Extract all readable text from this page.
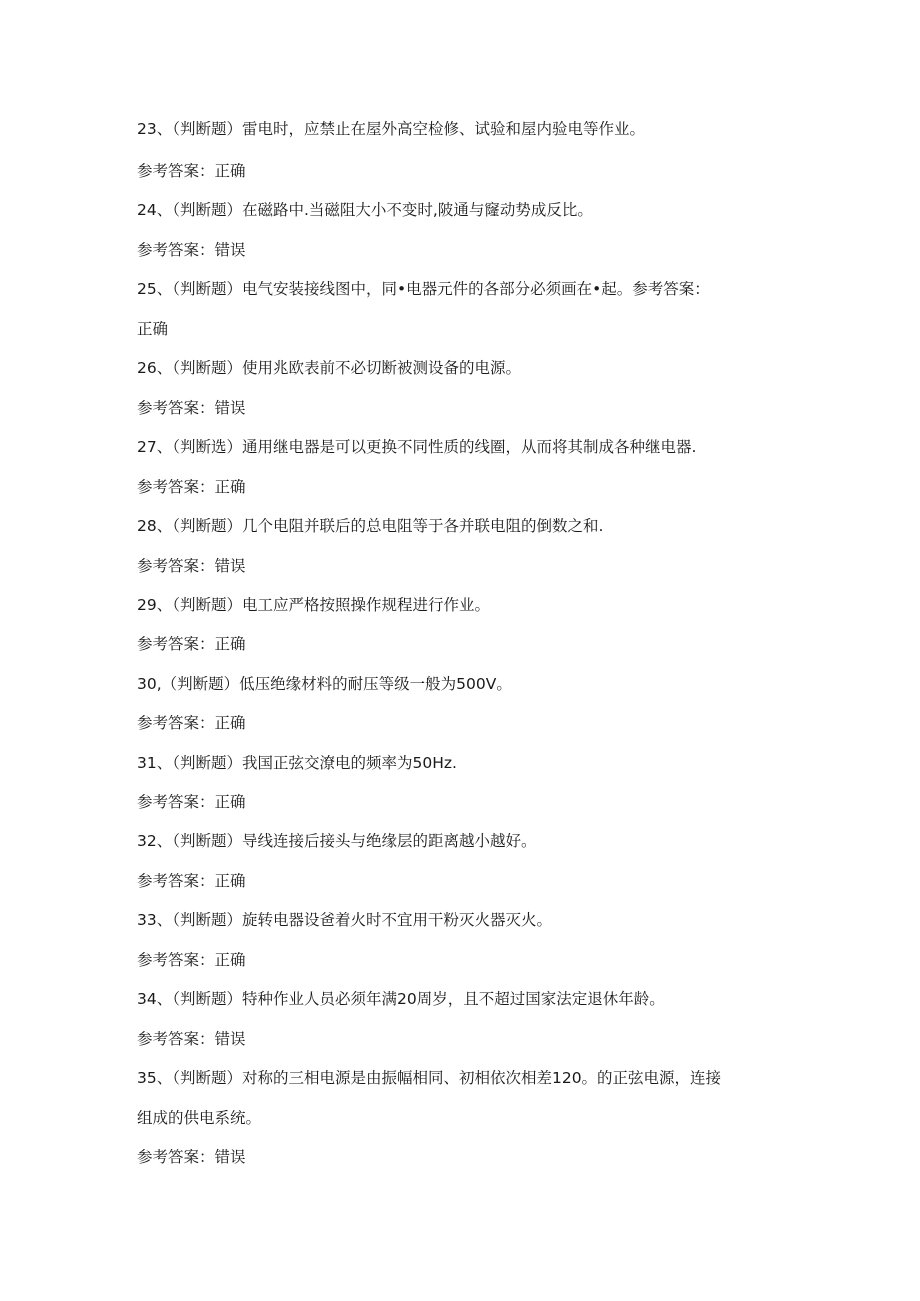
23、（判断题）雷电时，应禁止在屋外高空检修、试验和屋内验电等作业。
参考答案：正确
24、（判断题）在磁路中.当磁阻大小不变时,陂通与窿动势成反比。
参考答案：错误
25、（判断题）电气安装接线图中，同•电器元件的各部分必须画在•起。参考答案：
正确
26、（判断题）使用兆欧表前不必切断被测设备的电源。
参考答案：错误
27、（判断选）通用继电器是可以更换不同性质的线圈，从而将其制成各种继电器.
参考答案：正确
28、（判断题）几个电阻并联后的总电阻等于各并联电阻的倒数之和.
参考答案：错误
29、（判断题）电工应严格按照操作规程进行作业。
参考答案：正确
30,（判断题）低压绝缘材料的耐压等级一般为500V。
参考答案：正确
31、（判断题）我国正弦交潦电的频率为50Hz.
参考答案：正确
32、（判断题）导线连接后接头与绝缘层的距离越小越好。
参考答案：正确
33、（判断题）旋转电器设爸着火时不宜用干粉灭火器灭火。
参考答案：正确
34、（判断题）特种作业人员必须年满20周岁，且不超过国家法定退休年龄。
参考答案：错误
35、（判断题）对称的三相电源是由振幅相同、初相依次相差120。的正弦电源，连接
组成的供电系统。
参考答案：错误
